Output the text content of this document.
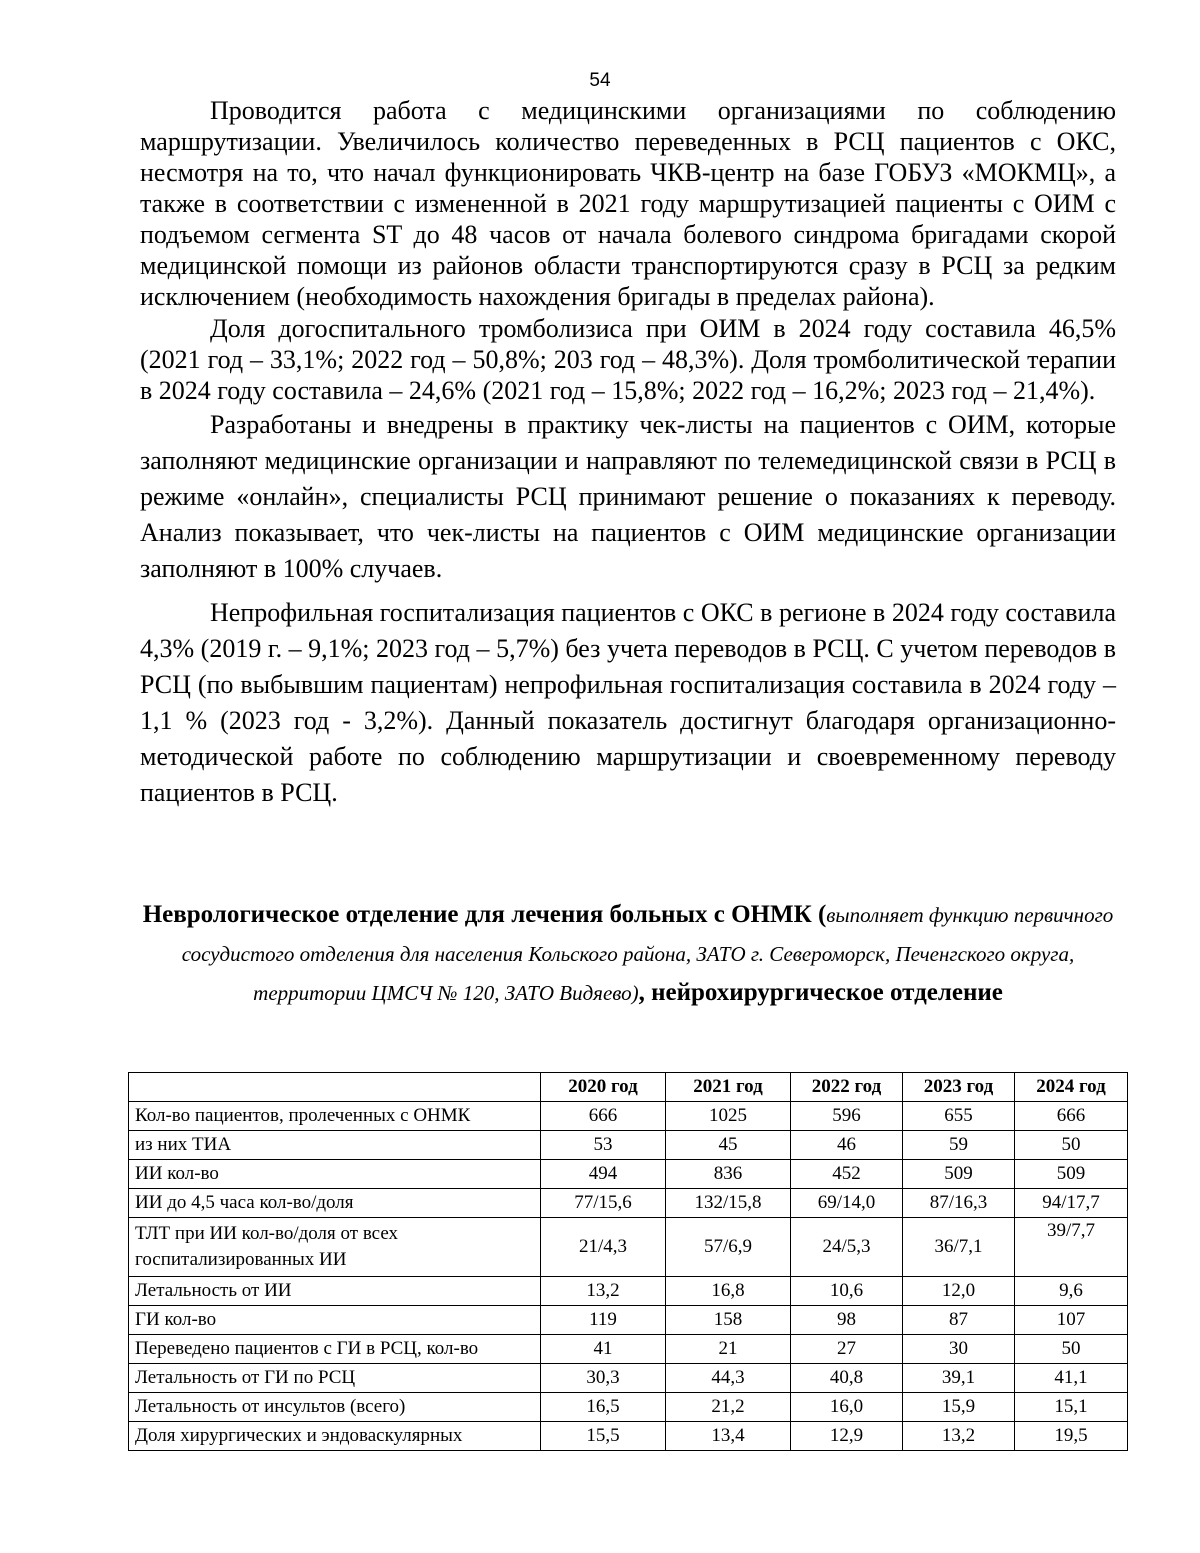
54

Проводится работа с медицинскими организациями по соблюдению маршрутизации. Увеличилось количество переведенных в РСЦ пациентов с ОКС, несмотря на то, что начал функционировать ЧКВ-центр на базе ГОБУЗ «МОКМЦ», а также в соответствии с измененной в 2021 году маршрутизацией пациенты с ОИМ с подъемом сегмента ST до 48 часов от начала болевого синдрома бригадами скорой медицинской помощи из районов области транспортируются сразу в РСЦ за редким исключением (необходимость нахождения бригады в пределах района).

Доля догоспитального тромболизиса при ОИМ в 2024 году составила 46,5% (2021 год – 33,1%; 2022 год – 50,8%; 203 год – 48,3%). Доля тромболитической терапии в 2024 году составила – 24,6% (2021 год – 15,8%; 2022 год – 16,2%; 2023 год – 21,4%).

Разработаны и внедрены в практику чек-листы на пациентов с ОИМ, которые заполняют медицинские организации и направляют по телемедицинской связи в РСЦ в режиме «онлайн», специалисты РСЦ принимают решение о показаниях к переводу. Анализ показывает, что чек-листы на пациентов с ОИМ медицинские организации заполняют в 100% случаев.

Непрофильная госпитализация пациентов с ОКС в регионе в 2024 году составила 4,3% (2019 г. – 9,1%; 2023 год – 5,7%) без учета переводов в РСЦ. С учетом переводов в РСЦ (по выбывшим пациентам) непрофильная госпитализация составила в 2024 году – 1,1 % (2023 год - 3,2%). Данный показатель достигнут благодаря организационно-методической работе по соблюдению маршрутизации и своевременному переводу пациентов в РСЦ.

Неврологическое отделение для лечения больных с ОНМК (выполняет функцию первичного сосудистого отделения для населения Кольского района, ЗАТО г. Североморск, Печенгского округа, территории ЦМСЧ № 120, ЗАТО Видяево), нейрохирургическое отделение
	2020 год	2021 год	2022 год	2023 год	2024 год
Кол-во пациентов, пролеченных с ОНМК	666	1025	596	655	666
из них ТИА	53	45	46	59	50
ИИ кол-во	494	836	452	509	509
ИИ до 4,5 часа кол-во/доля	77/15,6	132/15,8	69/14,0	87/16,3	94/17,7

ТЛТ при ИИ кол-во/доля от всех
госпитализированных ИИ	21/4,3	57/6,9	24/5,3	36/7,1	39/7,7
Летальность от ИИ	13,2	16,8	10,6	12,0	9,6
ГИ кол-во	119	158	98	87	107
Переведено пациентов с ГИ в РСЦ, кол-во	41	21	27	30	50
Летальность от ГИ по РСЦ	30,3	44,3	40,8	39,1	41,1
Летальность от инсультов (всего)	16,5	21,2	16,0	15,9	15,1
Доля хирургических и эндоваскулярных	15,5	13,4	12,9	13,2	19,5
